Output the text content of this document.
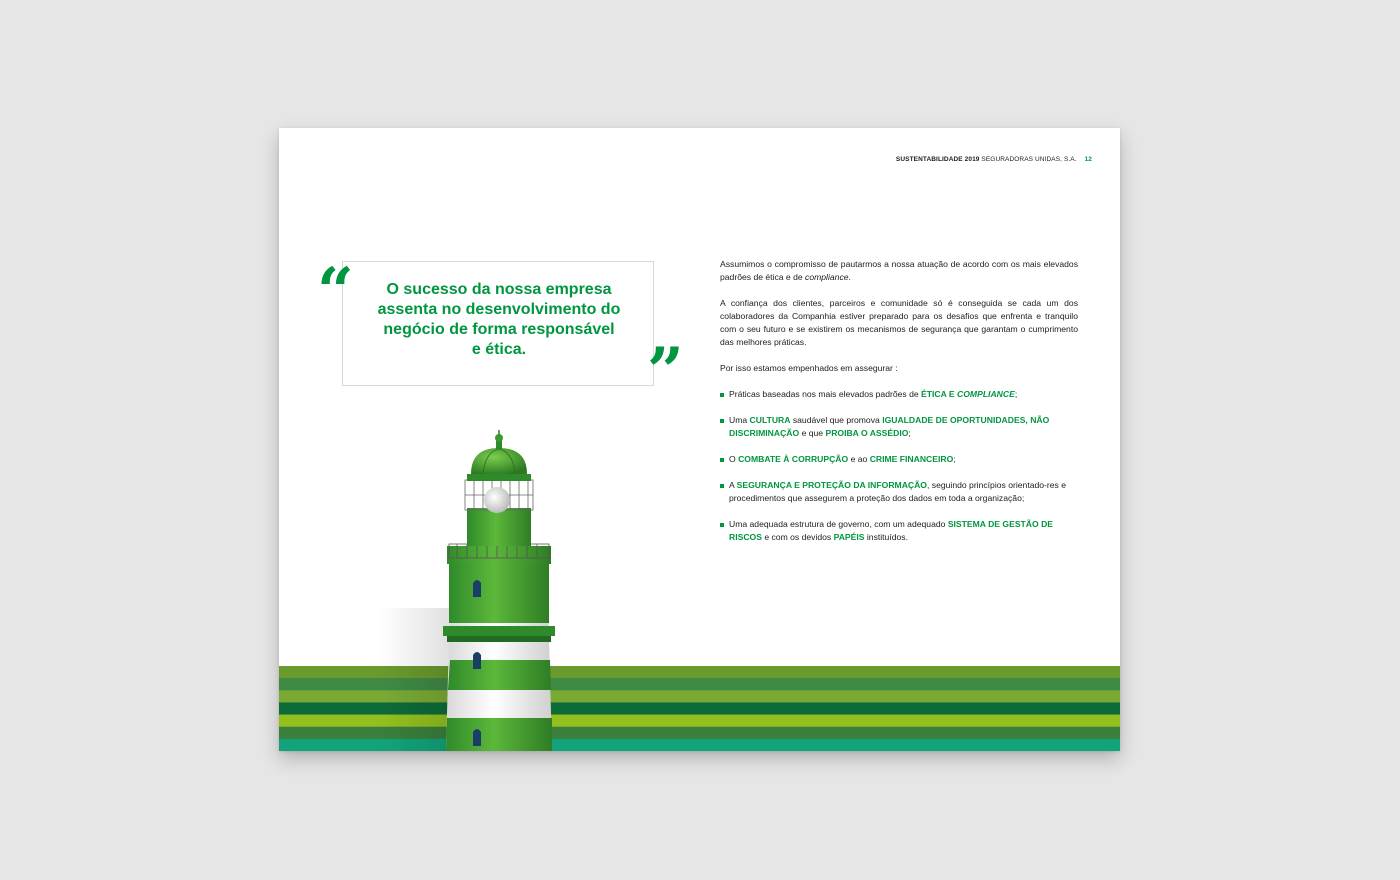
SUSTENTABILIDADE 2019 SEGURADORAS UNIDAS, S.A. 12
“
”
O sucesso da nossa empresa
assenta no desenvolvimento do
negócio de forma responsável
e ética.

Assumimos o compromisso de pautarmos a nossa atuação de acordo com os mais elevados padrões de ética e de compliance.

A confiança dos clientes, parceiros e comunidade só é conseguida se cada um dos colaboradores da Companhia estiver preparado para os desafios que enfrenta e tranquilo com o seu futuro e se existirem os mecanismos de segurança que garantam o cumprimento das melhores práticas.

Por isso estamos empenhados em assegurar :

Práticas baseadas nos mais elevados padrões de ÉTICA E COMPLIANCE;
Uma CULTURA saudável que promova IGUALDADE DE OPORTUNIDADES, NÃO DISCRIMINAÇÃO e que PROIBA O ASSÉDIO;
O COMBATE À CORRUPÇÃO e ao CRIME FINANCEIRO;
A SEGURANÇA E PROTEÇÃO DA INFORMAÇÃO, seguindo princípios orientado-res e procedimentos que assegurem a proteção dos dados em toda a organização;
Uma adequada estrutura de governo, com um adequado SISTEMA DE GESTÃO DE RISCOS e com os devidos PAPÉIS instituídos.
